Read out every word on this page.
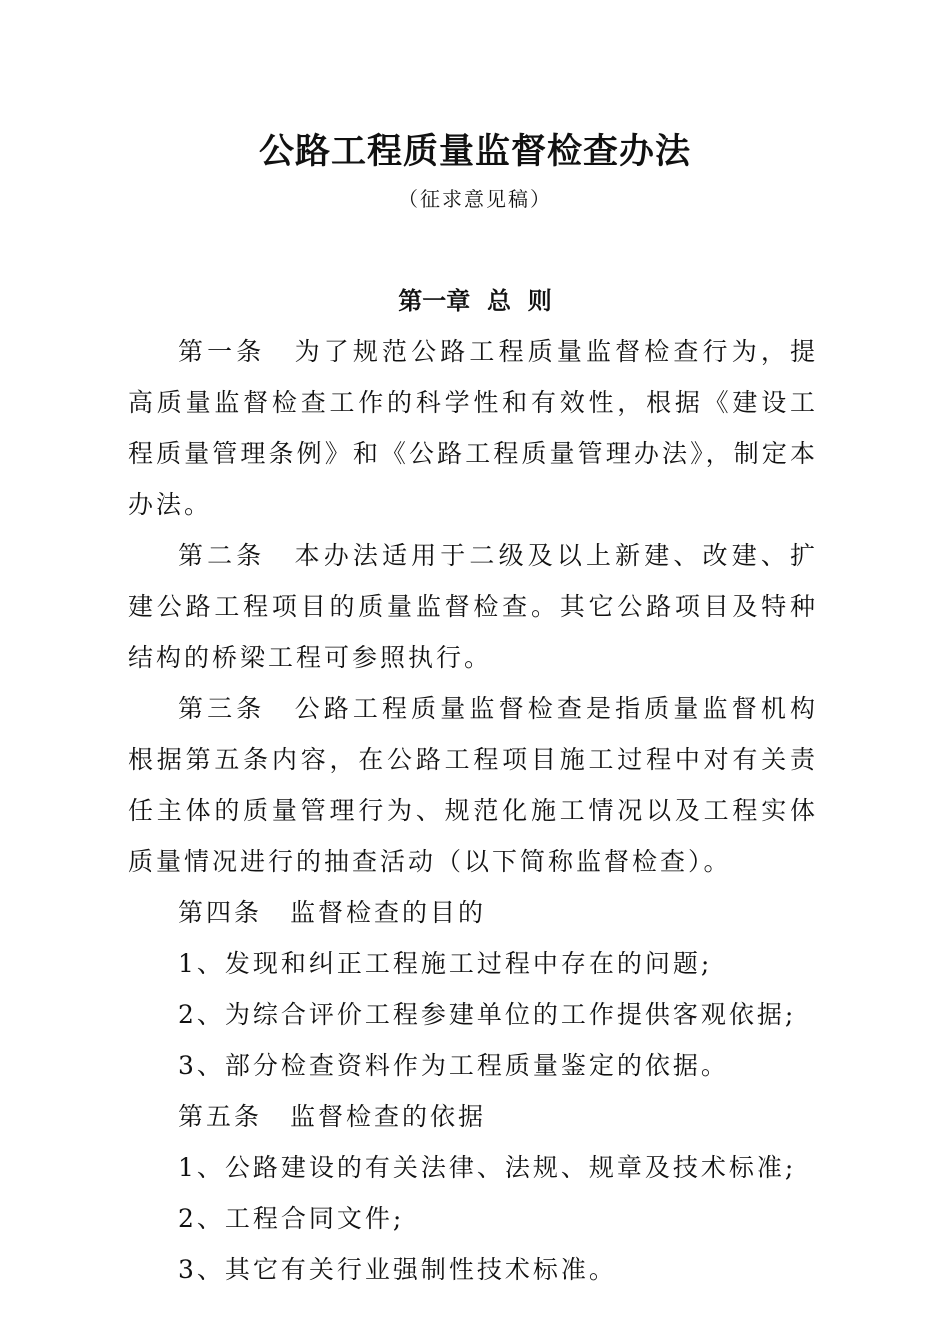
公路工程质量监督检查办法
（征求意见稿）
第一章  总  则

第一条　为了规范公路工程质量监督检查行为，提高质量监督检查工作的科学性和有效性，根据《建设工程质量管理条例》和《公路工程质量管理办法》，制定本办法。

第二条　本办法适用于二级及以上新建、改建、扩建公路工程项目的质量监督检查。其它公路项目及特种结构的桥梁工程可参照执行。

第三条　公路工程质量监督检查是指质量监督机构根据第五条内容，在公路工程项目施工过程中对有关责任主体的质量管理行为、规范化施工情况以及工程实体质量情况进行的抽查活动（以下简称监督检查）。

第四条　监督检查的目的

1、发现和纠正工程施工过程中存在的问题;

2、为综合评价工程参建单位的工作提供客观依据;

3、部分检查资料作为工程质量鉴定的依据。

第五条　监督检查的依据

1、公路建设的有关法律、法规、规章及技术标准;

2、工程合同文件;

3、其它有关行业强制性技术标准。
